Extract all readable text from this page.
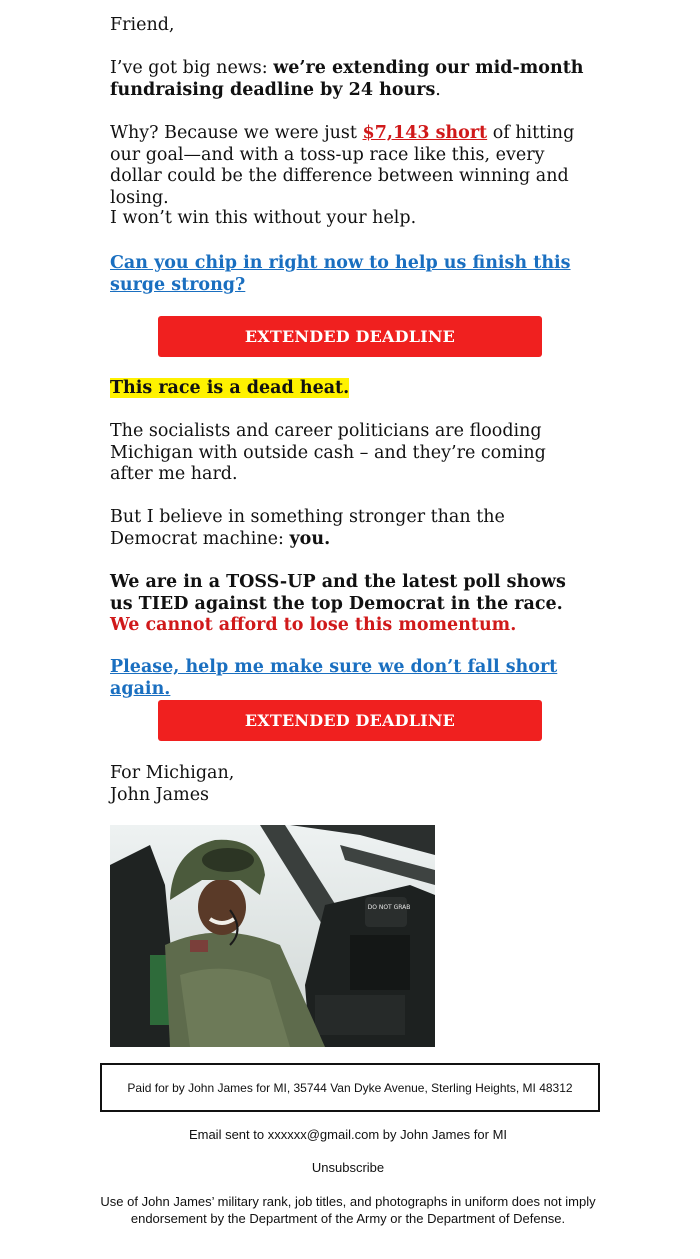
Friend,

I’ve got big news: we’re extending our mid-month fundraising deadline by 24 hours.

Why? Because we were just $7,143 short of hitting our goal—and with a toss-up race like this, every dollar could be the difference between winning and losing.

I won’t win this without your help.
Can you chip in right now to help us finish this surge strong?
EXTENDED DEADLINE
This race is a dead heat.
The socialists and career politicians are flooding Michigan with outside cash – and they’re coming after me hard.

But I believe in something stronger than the Democrat machine: you.

We are in a TOSS-UP and the latest poll shows us TIED against the top Democrat in the race. We cannot afford to lose this momentum.

Please, help me make sure we don’t fall short again.
EXTENDED DEADLINE

For Michigan,

John James

DO NOT GRAB
Paid for by John James for MI, 35744 Van Dyke Avenue, Sterling Heights, MI 48312
Email sent to xxxxxx@gmail.com by John James for MI
Unsubscribe
Use of John James’ military rank, job titles, and photographs in uniform does not imply endorsement by the Department of the Army or the Department of Defense.
